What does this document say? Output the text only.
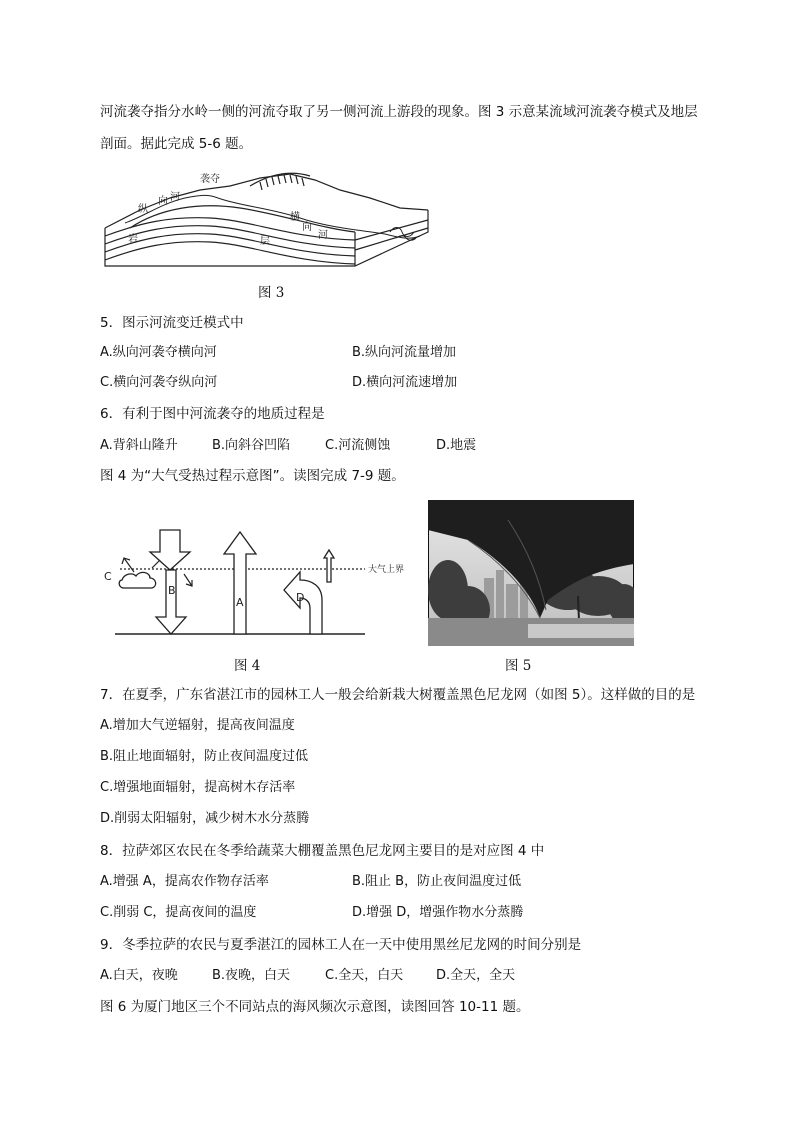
河流袭夺指分水岭一侧的河流夺取了另一侧河流上游段的现象。图 3 示意某流域河流袭夺模式及地层
剖面。据此完成 5-6 题。
袭夺
纵
向 河
横
向
河
岩	层
图 3
5．图示河流变迁模式中
A.纵向河袭夺横向河	B.纵向河流量增加
C.横向河袭夺纵向河	D.横向河流速增加
6．有利于图中河流袭夺的地质过程是
A.背斜山隆升	B.向斜谷凹陷	C.河流侧蚀	D.地震
图 4 为“大气受热过程示意图”。读图完成 7-9 题。
大气上界
C
B
A	D
图 4	图 5
7．在夏季，广东省湛江市的园林工人一般会给新栽大树覆盖黑色尼龙网（如图 5）。这样做的目的是
A.增加大气逆辐射，提高夜间温度
B.阻止地面辐射，防止夜间温度过低
C.增强地面辐射，提高树木存活率
D.削弱太阳辐射，减少树木水分蒸腾
8．拉萨郊区农民在冬季给蔬菜大棚覆盖黑色尼龙网主要目的是对应图 4 中
A.增强 A，提高农作物存活率	B.阻止 B，防止夜间温度过低
C.削弱 C，提高夜间的温度	D.增强 D，增强作物水分蒸腾
9．冬季拉萨的农民与夏季湛江的园林工人在一天中使用黑丝尼龙网的时间分别是
A.白天，夜晚	B.夜晚，白天	C.全天，白天	D.全天，全天
图 6 为厦门地区三个不同站点的海风频次示意图，读图回答 10-11 题。
